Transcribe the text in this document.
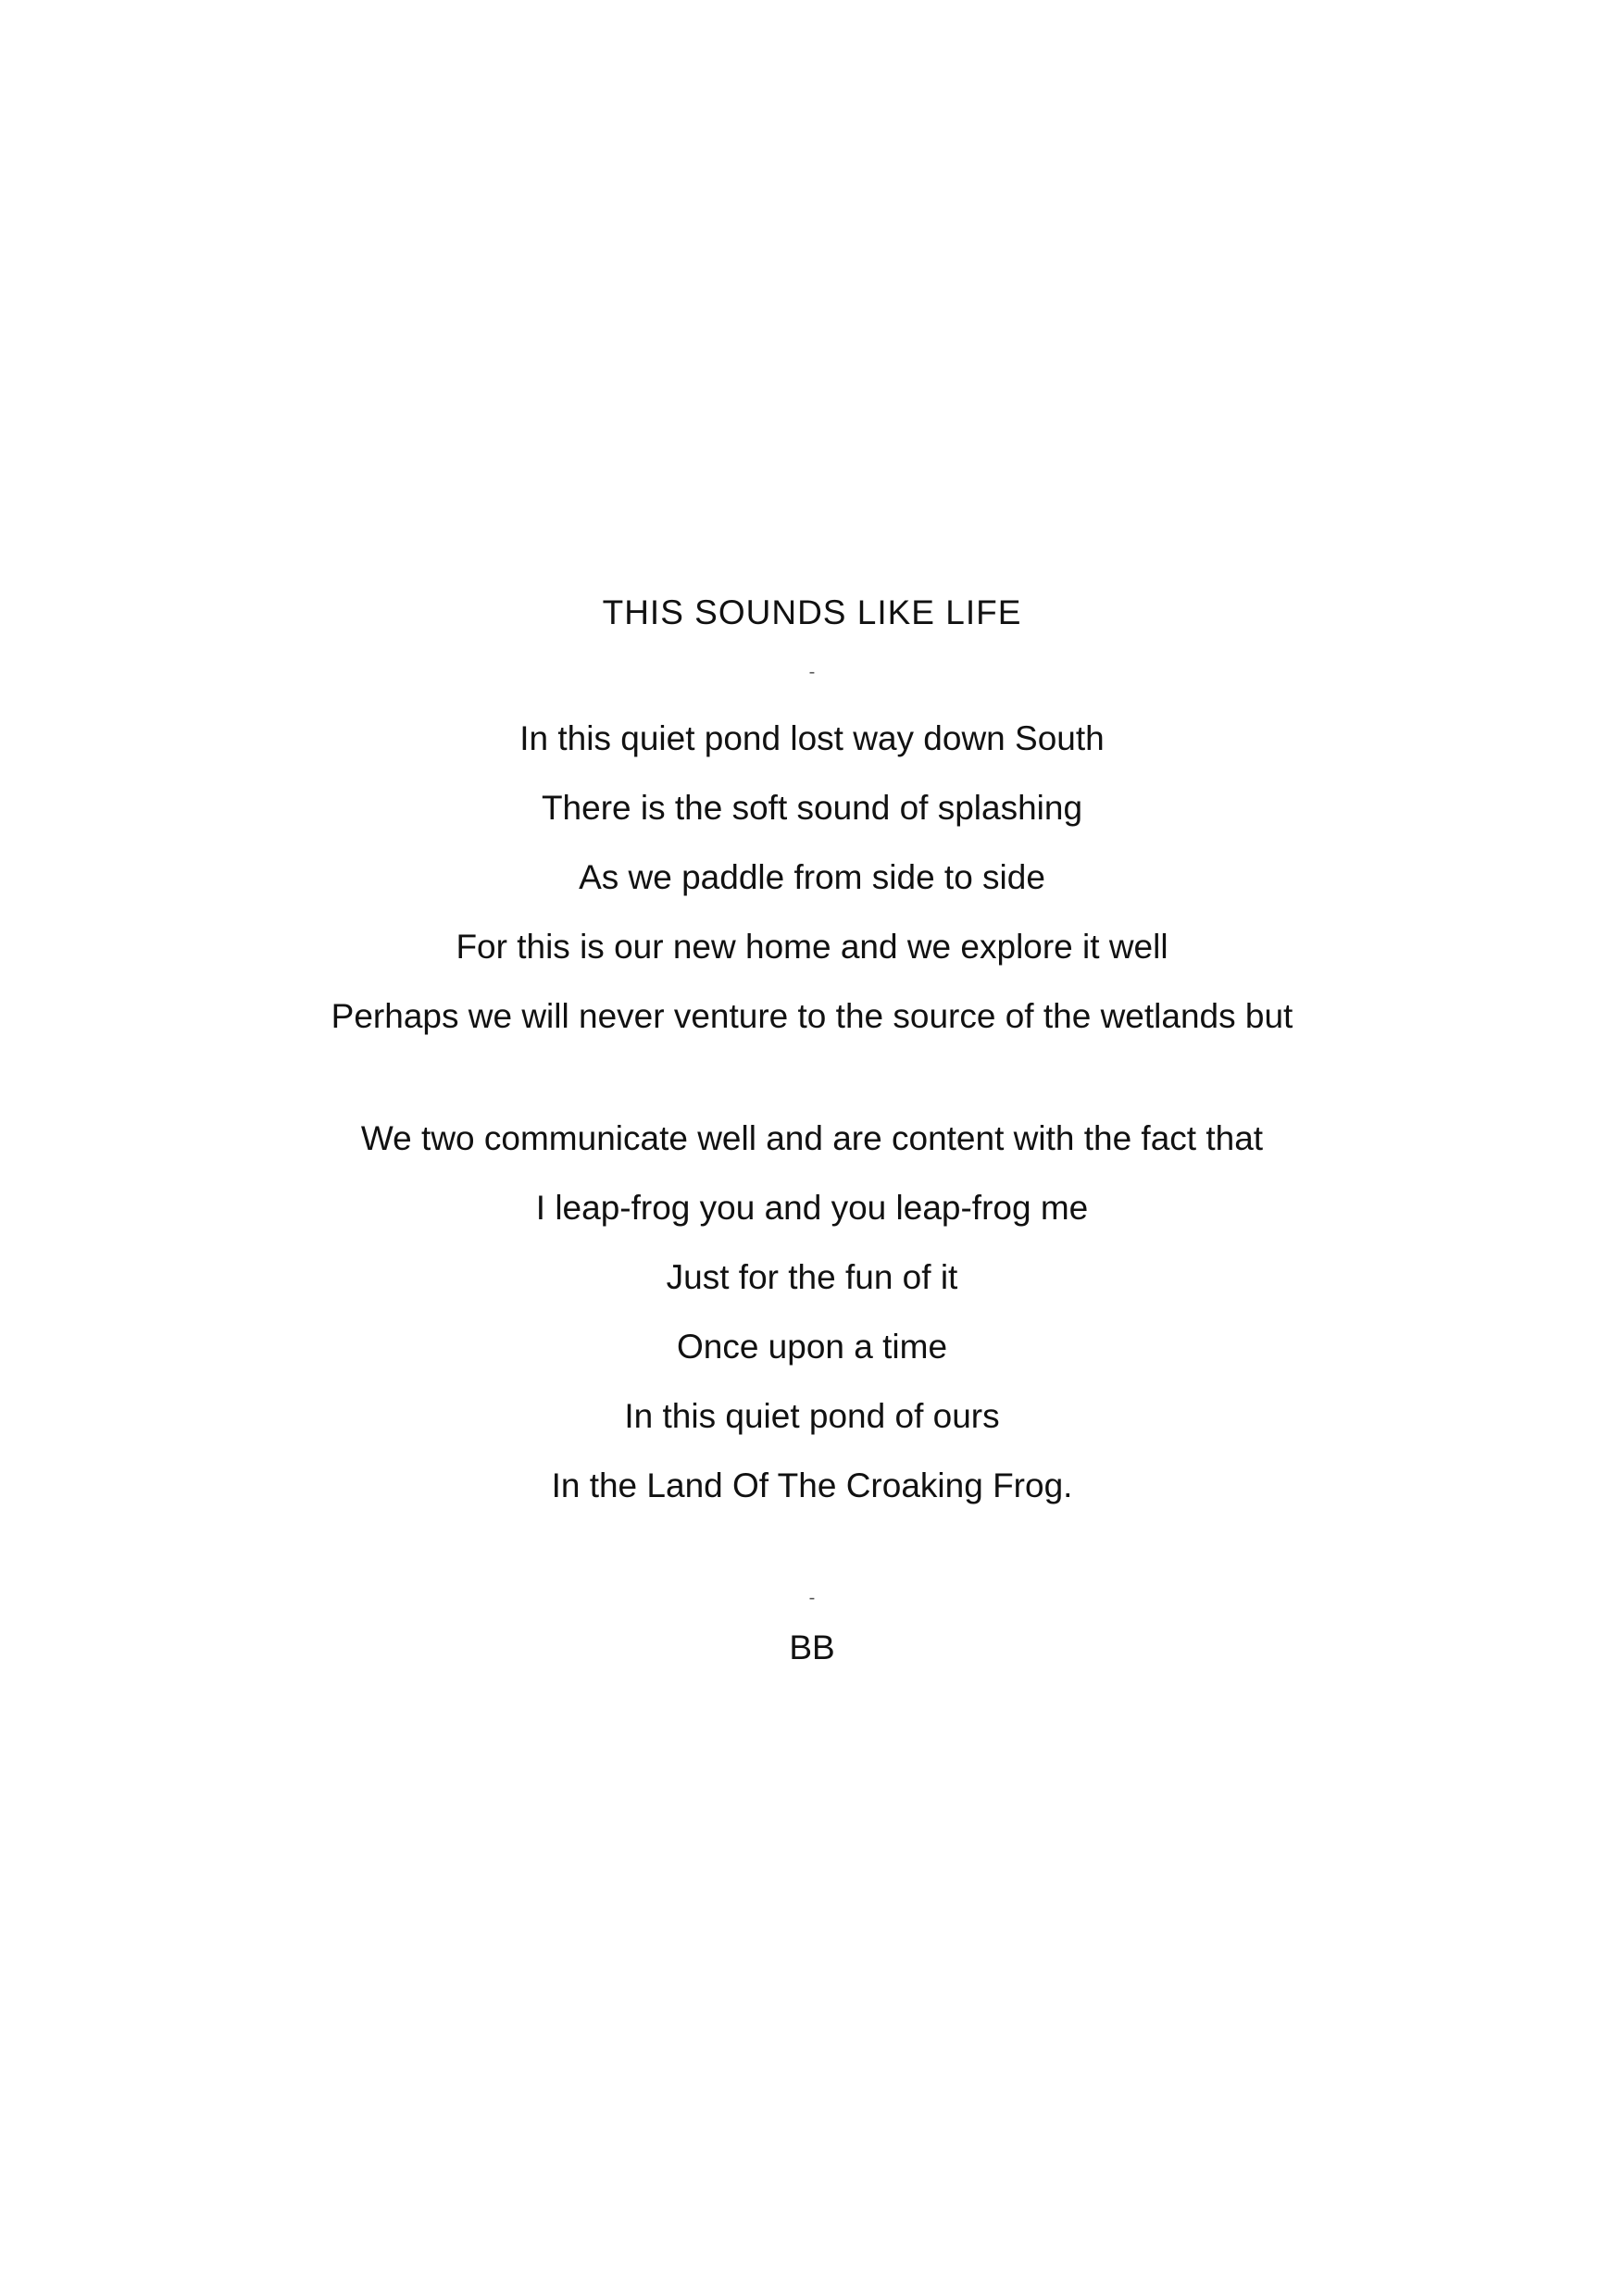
THIS SOUNDS LIKE LIFE
-
In this quiet pond lost way down South
There is the soft sound of splashing
As we paddle from side to side
For this is our new home and we explore it well
Perhaps we will never venture to the source of the wetlands but
We two communicate well and are content with the fact that
I leap-frog you and you leap-frog me
Just for the fun of it
Once upon a time
In this quiet pond of ours
In the Land Of The Croaking Frog.
-
BB
